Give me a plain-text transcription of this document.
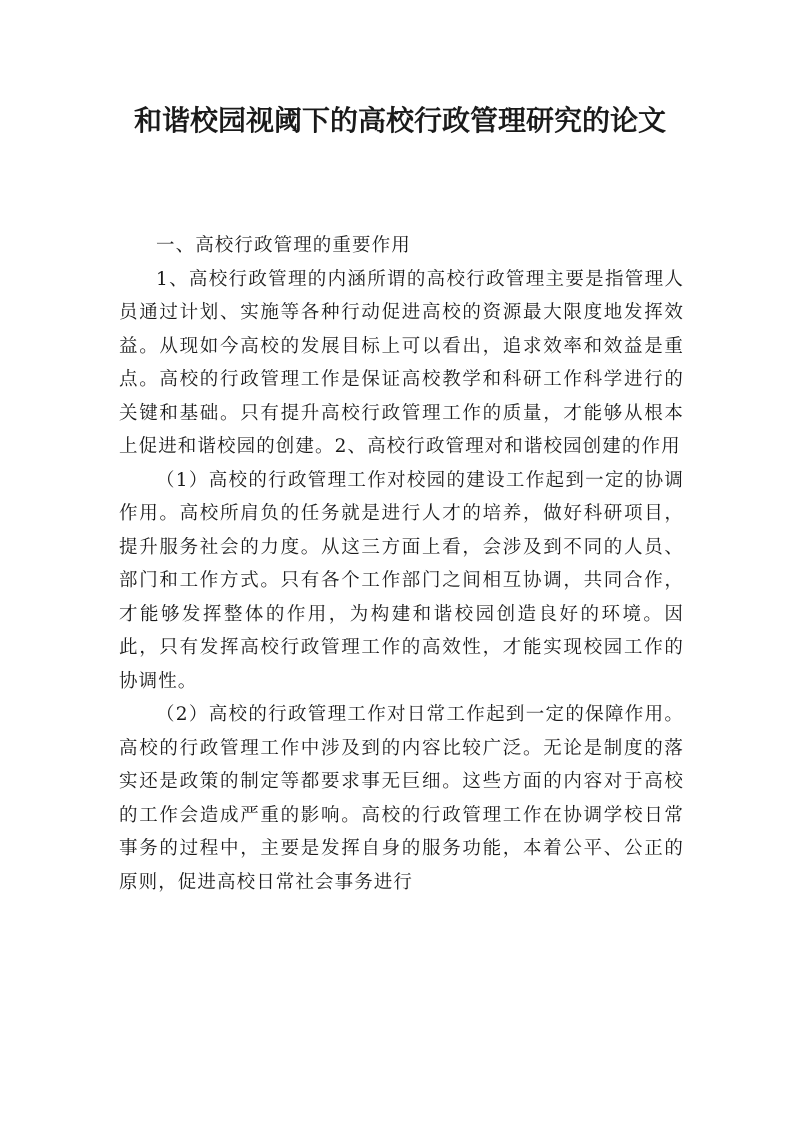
和谐校园视阈下的高校行政管理研究的论文

一、高校行政管理的重要作用

1、高校行政管理的内涵所谓的高校行政管理主要是指管理人员通过计划、实施等各种行动促进高校的资源最大限度地发挥效益。从现如今高校的发展目标上可以看出，追求效率和效益是重点。高校的行政管理工作是保证高校教学和科研工作科学进行的关键和基础。只有提升高校行政管理工作的质量，才能够从根本上促进和谐校园的创建。2、高校行政管理对和谐校园创建的作用

（1）高校的行政管理工作对校园的建设工作起到一定的协调作用。高校所肩负的任务就是进行人才的培养，做好科研项目，提升服务社会的力度。从这三方面上看，会涉及到不同的人员、部门和工作方式。只有各个工作部门之间相互协调，共同合作，才能够发挥整体的作用，为构建和谐校园创造良好的环境。因此，只有发挥高校行政管理工作的高效性，才能实现校园工作的协调性。

（2）高校的行政管理工作对日常工作起到一定的保障作用。高校的行政管理工作中涉及到的内容比较广泛。无论是制度的落实还是政策的制定等都要求事无巨细。这些方面的内容对于高校的工作会造成严重的影响。高校的行政管理工作在协调学校日常事务的过程中，主要是发挥自身的服务功能，本着公平、公正的原则，促进高校日常社会事务进行
